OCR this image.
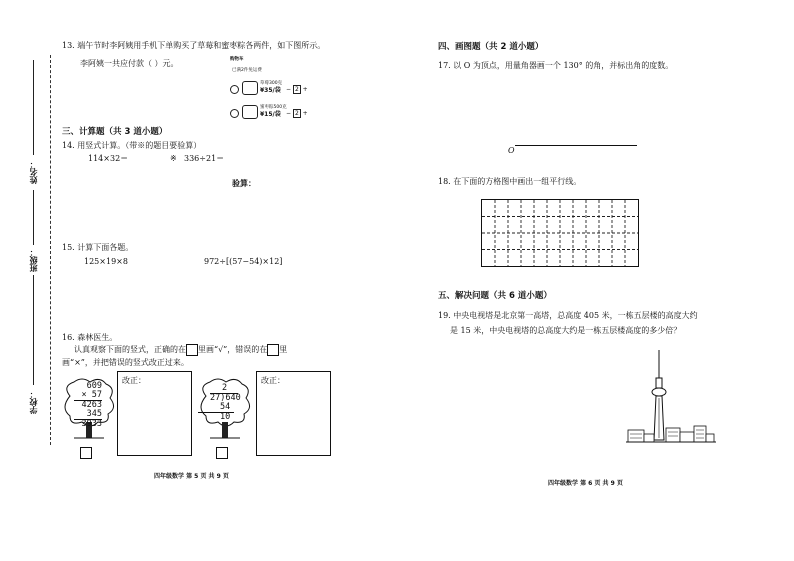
姓名：
班级：
学校：
13. 端午节时李阿姨用手机下单购买了草莓和蜜枣粽各两件，如下图所示。
李阿姨一共应付款（ ）元。	购物车
已满2件免运费
草莓300克
¥35/袋 − 2 +
蜜枣粽500克
¥15/袋 − 2 +
三、计算题（共 3 道小题）
14. 用竖式计算。（带※的题目要验算）
114×32＝	※ 336÷21＝
验算：
15. 计算下面各题。
125×19×8	972÷[(57−54)×12]
16. 森林医生。
认真观察下面的竖式，正确的在 里画“√”，错误的在 里
画“×”，并把错误的竖式改正过来。
609
× 57
4263
345
3933
改正：
2
27)640
54
10
改正：
四年级数学 第 5 页 共 9 页
四、画图题（共 2 道小题）
17. 以 O 为顶点，用量角器画一个 130° 的角，并标出角的度数。
O
18. 在下面的方格图中画出一组平行线。
五、解决问题（共 6 道小题）
19. 中央电视塔是北京第一高塔，总高度 405 米，一栋五层楼的高度大约
是 15 米，中央电视塔的总高度大约是一栋五层楼高度的多少倍？
四年级数学 第 6 页 共 9 页
